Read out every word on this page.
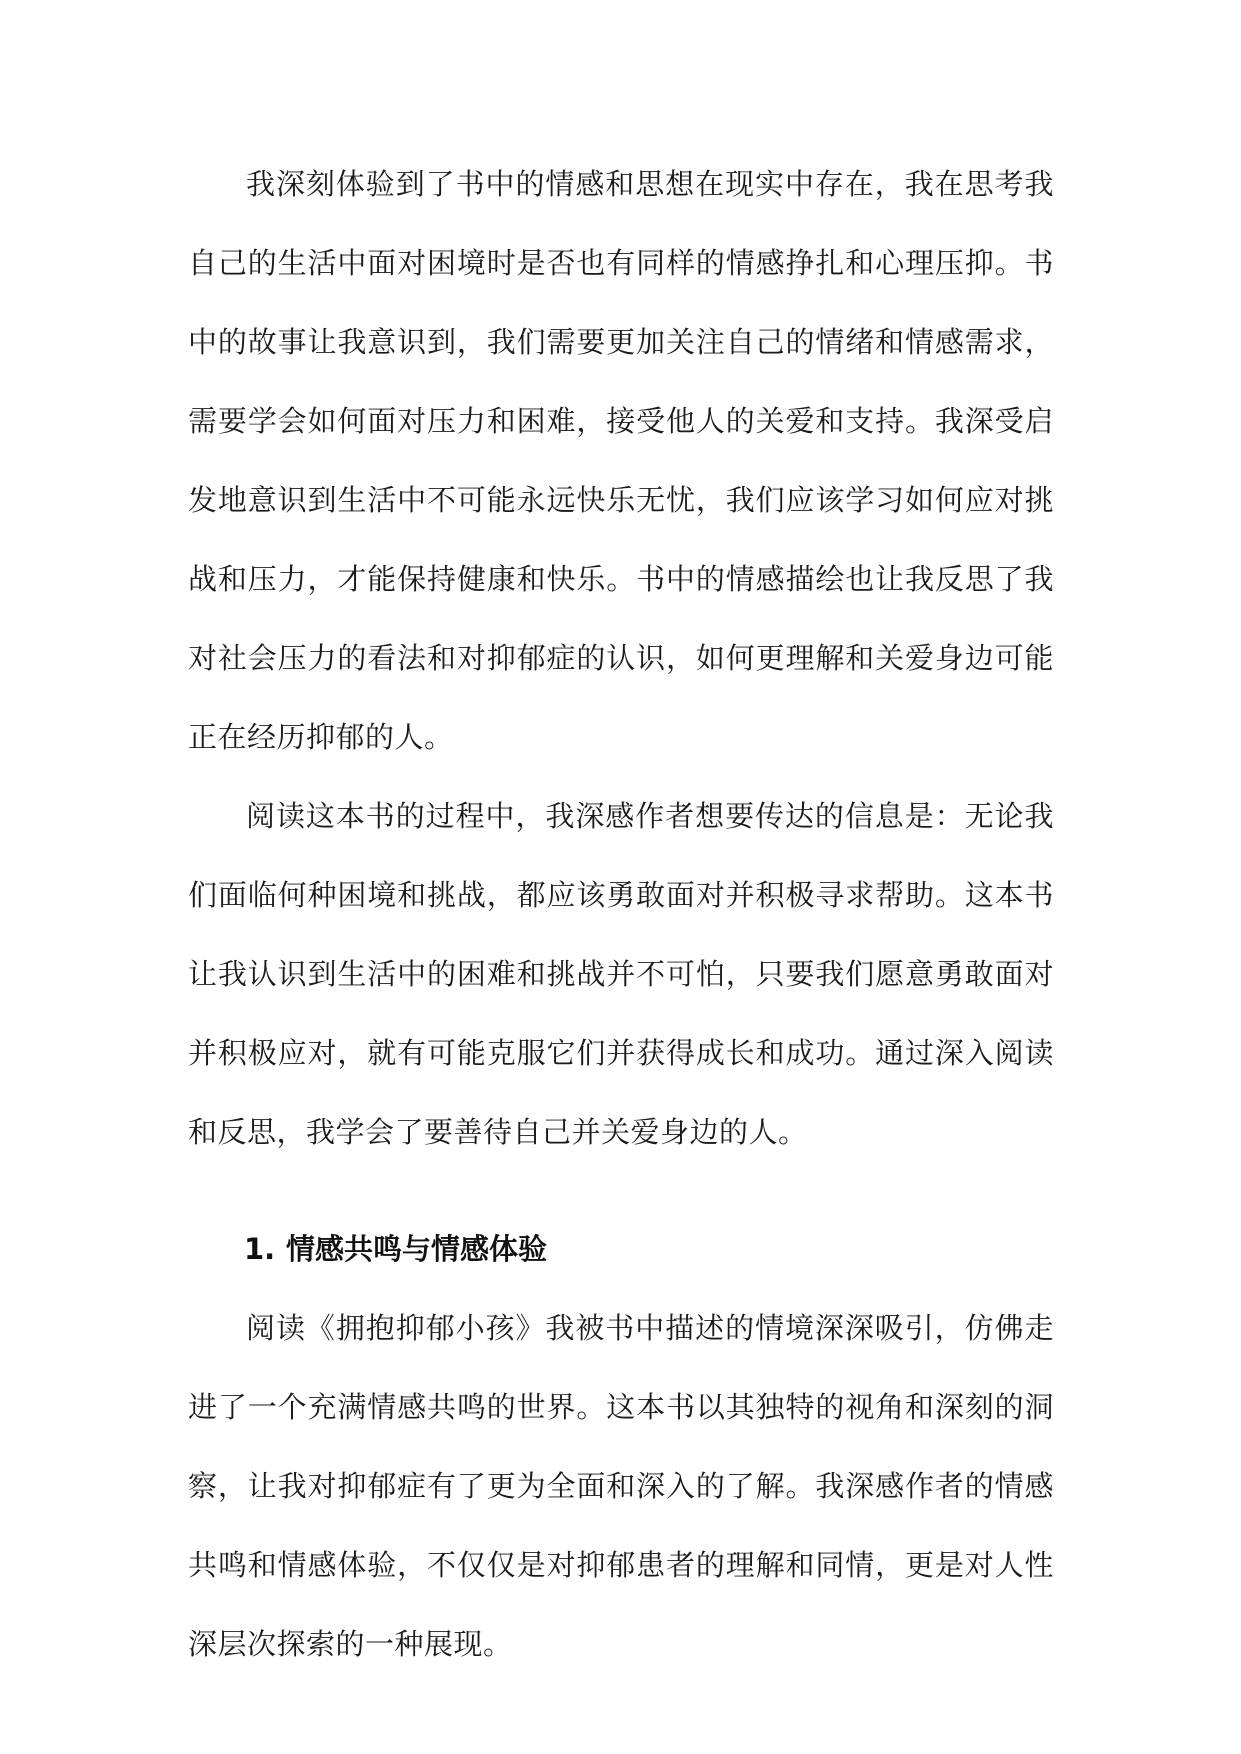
我深刻体验到了书中的情感和思想在现实中存在，我在思考我自己的生活中面对困境时是否也有同样的情感挣扎和心理压抑。书中的故事让我意识到，我们需要更加关注自己的情绪和情感需求，需要学会如何面对压力和困难，接受他人的关爱和支持。我深受启发地意识到生活中不可能永远快乐无忧，我们应该学习如何应对挑战和压力，才能保持健康和快乐。书中的情感描绘也让我反思了我对社会压力的看法和对抑郁症的认识，如何更理解和关爱身边可能正在经历抑郁的人。

阅读这本书的过程中，我深感作者想要传达的信息是：无论我们面临何种困境和挑战，都应该勇敢面对并积极寻求帮助。这本书让我认识到生活中的困难和挑战并不可怕，只要我们愿意勇敢面对并积极应对，就有可能克服它们并获得成长和成功。通过深入阅读和反思，我学会了要善待自己并关爱身边的人。

1. 情感共鸣与情感体验

阅读《拥抱抑郁小孩》我被书中描述的情境深深吸引，仿佛走进了一个充满情感共鸣的世界。这本书以其独特的视角和深刻的洞察，让我对抑郁症有了更为全面和深入的了解。我深感作者的情感共鸣和情感体验，不仅仅是对抑郁患者的理解和同情，更是对人性深层次探索的一种展现。
